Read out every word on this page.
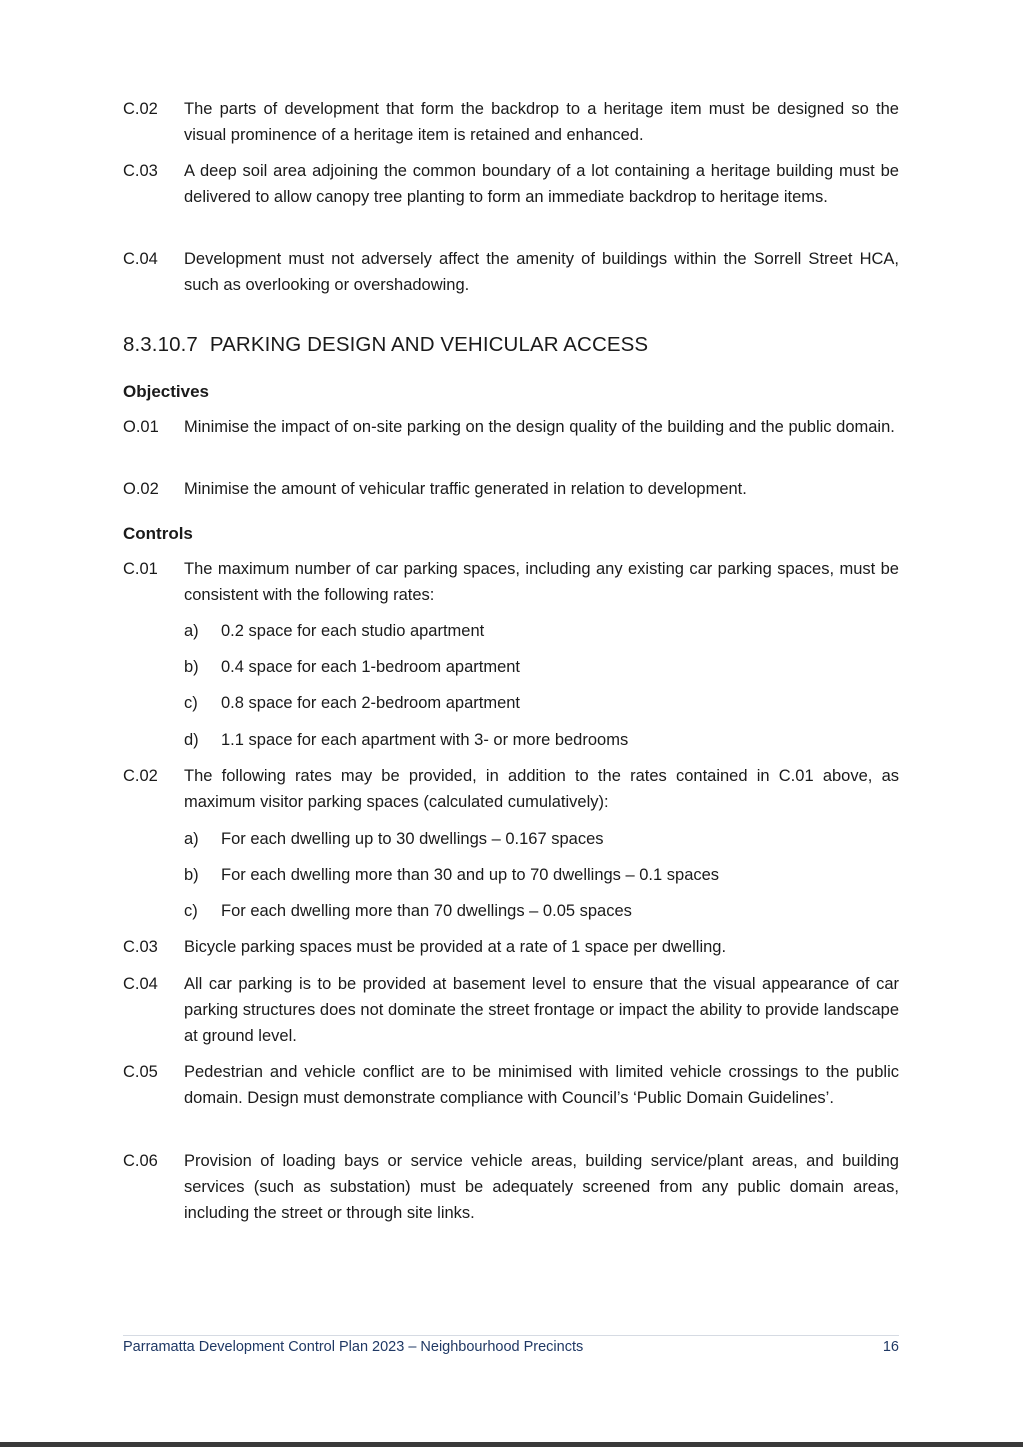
C.02	The parts of development that form the backdrop to a heritage item must be designed so the visual prominence of a heritage item is retained and enhanced.
C.03	A deep soil area adjoining the common boundary of a lot containing a heritage building must be delivered to allow canopy tree planting to form an immediate backdrop to heritage items.
C.04	Development must not adversely affect the amenity of buildings within the Sorrell Street HCA, such as overlooking or overshadowing.
8.3.10.7 PARKING DESIGN AND VEHICULAR ACCESS
Objectives
O.01	Minimise the impact of on-site parking on the design quality of the building and the public domain.
O.02	Minimise the amount of vehicular traffic generated in relation to development.
Controls
C.01	The maximum number of car parking spaces, including any existing car parking spaces, must be consistent with the following rates:
a)	0.2 space for each studio apartment
b)	0.4 space for each 1-bedroom apartment
c)	0.8 space for each 2-bedroom apartment
d)	1.1 space for each apartment with 3- or more bedrooms
C.02	The following rates may be provided, in addition to the rates contained in C.01 above, as maximum visitor parking spaces (calculated cumulatively):
a)	For each dwelling up to 30 dwellings – 0.167 spaces
b)	For each dwelling more than 30 and up to 70 dwellings – 0.1 spaces
c)	For each dwelling more than 70 dwellings – 0.05 spaces
C.03	Bicycle parking spaces must be provided at a rate of 1 space per dwelling.
C.04	All car parking is to be provided at basement level to ensure that the visual appearance of car parking structures does not dominate the street frontage or impact the ability to provide landscape at ground level.
C.05	Pedestrian and vehicle conflict are to be minimised with limited vehicle crossings to the public domain. Design must demonstrate compliance with Council’s ‘Public Domain Guidelines’.
C.06	Provision of loading bays or service vehicle areas, building service/plant areas, and building services (such as substation) must be adequately screened from any public domain areas, including the street or through site links.
Parramatta Development Control Plan 2023 – Neighbourhood Precincts	16
